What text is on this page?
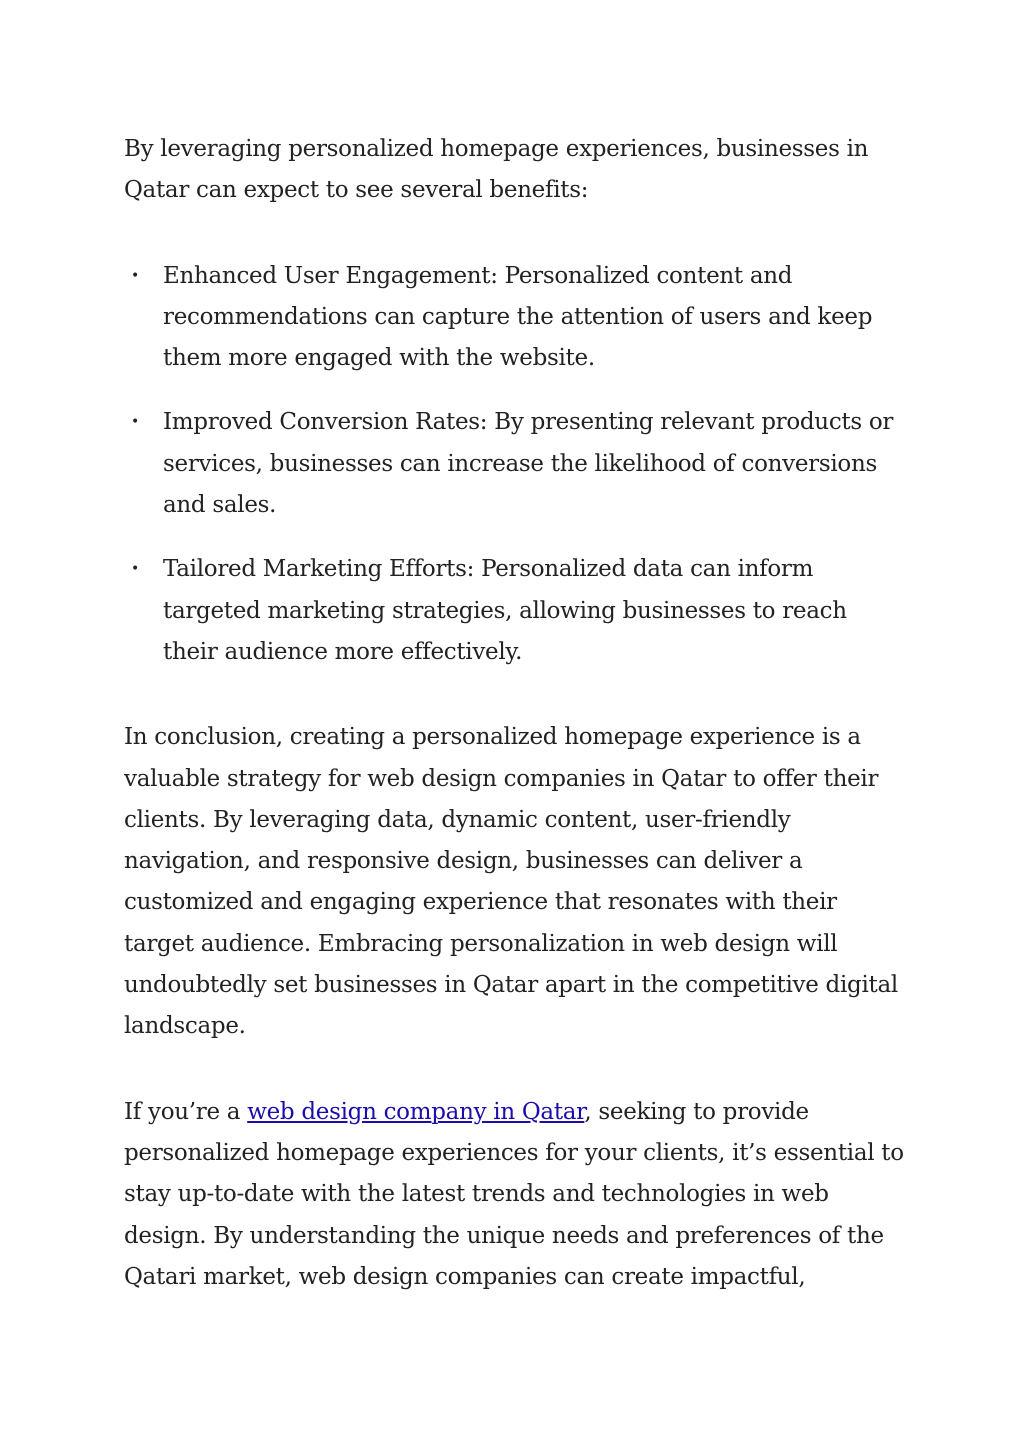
By leveraging personalized homepage experiences, businesses in Qatar can expect to see several benefits:

• Enhanced User Engagement: Personalized content and recommendations can capture the attention of users and keep them more engaged with the website.
• Improved Conversion Rates: By presenting relevant products or services, businesses can increase the likelihood of conversions and sales.
• Tailored Marketing Efforts: Personalized data can inform targeted marketing strategies, allowing businesses to reach their audience more effectively.

In conclusion, creating a personalized homepage experience is a valuable strategy for web design companies in Qatar to offer their clients. By leveraging data, dynamic content, user-friendly navigation, and responsive design, businesses can deliver a customized and engaging experience that resonates with their target audience. Embracing personalization in web design will undoubtedly set businesses in Qatar apart in the competitive digital landscape.

If you’re a web design company in Qatar, seeking to provide personalized homepage experiences for your clients, it’s essential to stay up-to-date with the latest trends and technologies in web design. By understanding the unique needs and preferences of the Qatari market, web design companies can create impactful,
